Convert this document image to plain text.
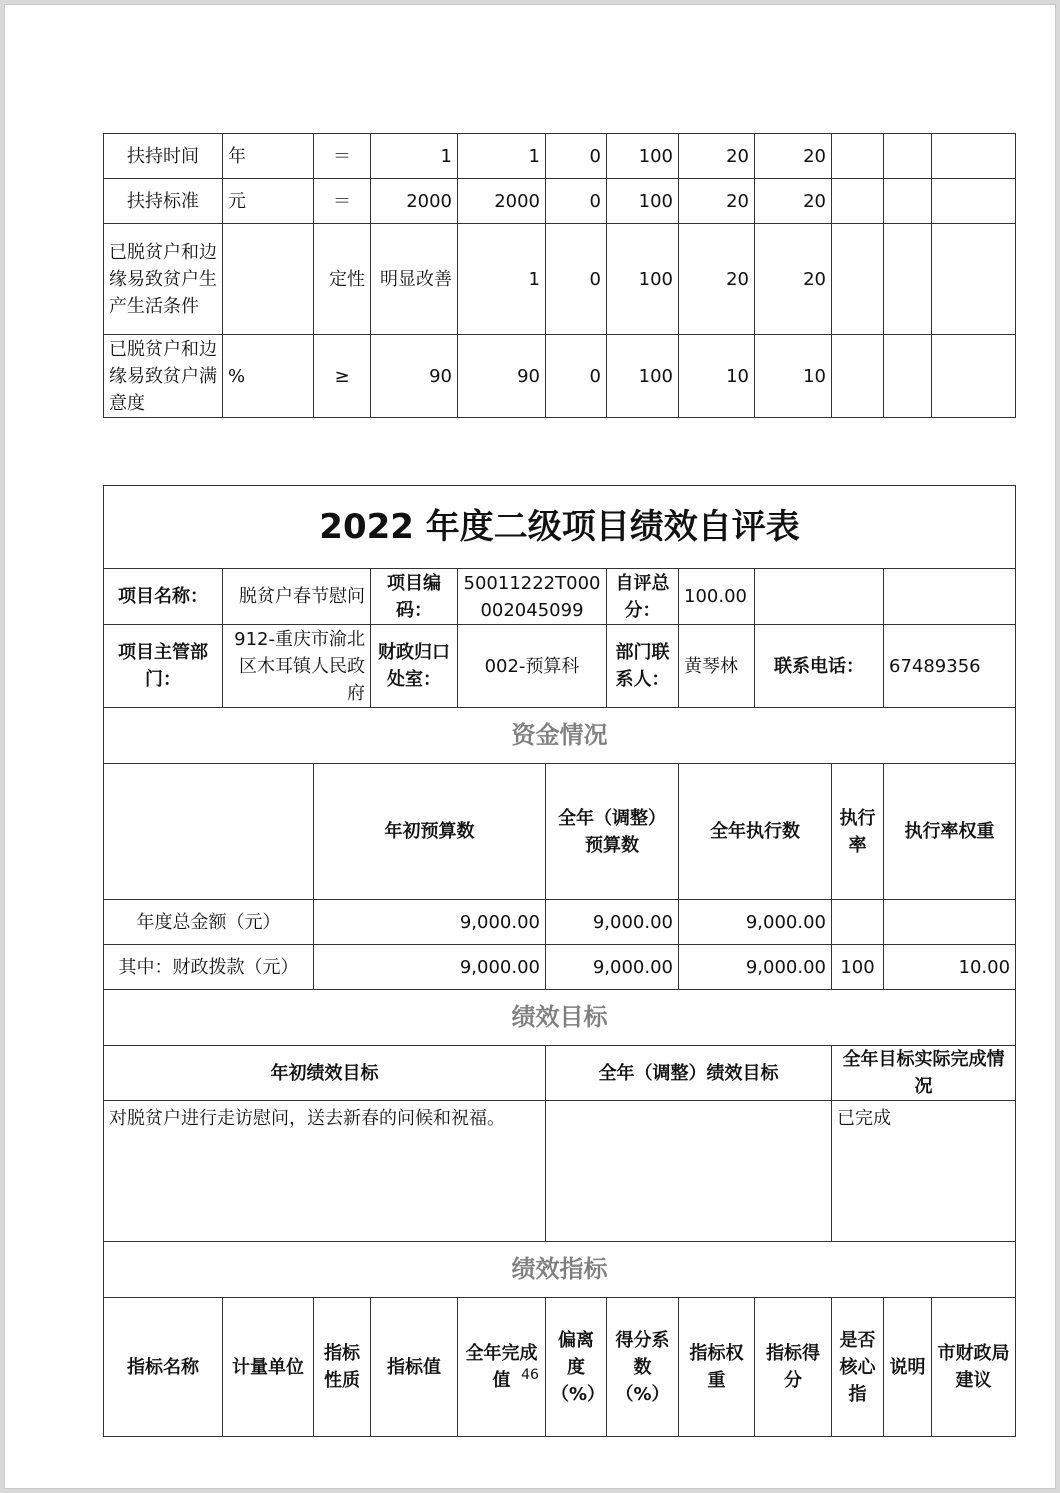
扶持时间	年	＝	1	1	0	100	20	20			
扶持标准	元	＝	2000	2000	0	100	20	20			
已脱贫户和边缘易致贫户生产生活条件		定性	明显改善	1	0	100	20	20			
已脱贫户和边缘易致贫户满意度	%	≥	90	90	0	100	10	10			
2022 年度二级项目绩效自评表												
项目名称：	脱贫户春节慰问		项目编码：	50011222T000002045099		自评总分：	100.00					
项目主管部门：	912-重庆市渝北区木耳镇人民政府		财政归口处室：	002-预算科		部门联系人：	黄琴林	联系电话：		67489356		
资金情况												
		年初预算数			全年（调整）预算数		全年执行数		执行率	执行率权重	
年度总金额（元）		9,000.00			9,000.00		9,000.00					
其中：财政拨款（元）		9,000.00			9,000.00		9,000.00		100	10.00	
绩效目标												
年初绩效目标					全年（调整）绩效目标				全年目标实际完成情况			
对脱贫户进行走访慰问，送去新春的问候和祝福。									已完成			
绩效指标												
指标名称	计量单位	指标性质	指标值	全年完成值	偏离度（%）	得分系数（%）	指标权重	指标得分	是否核心指	说明	市财政局建议	
46
